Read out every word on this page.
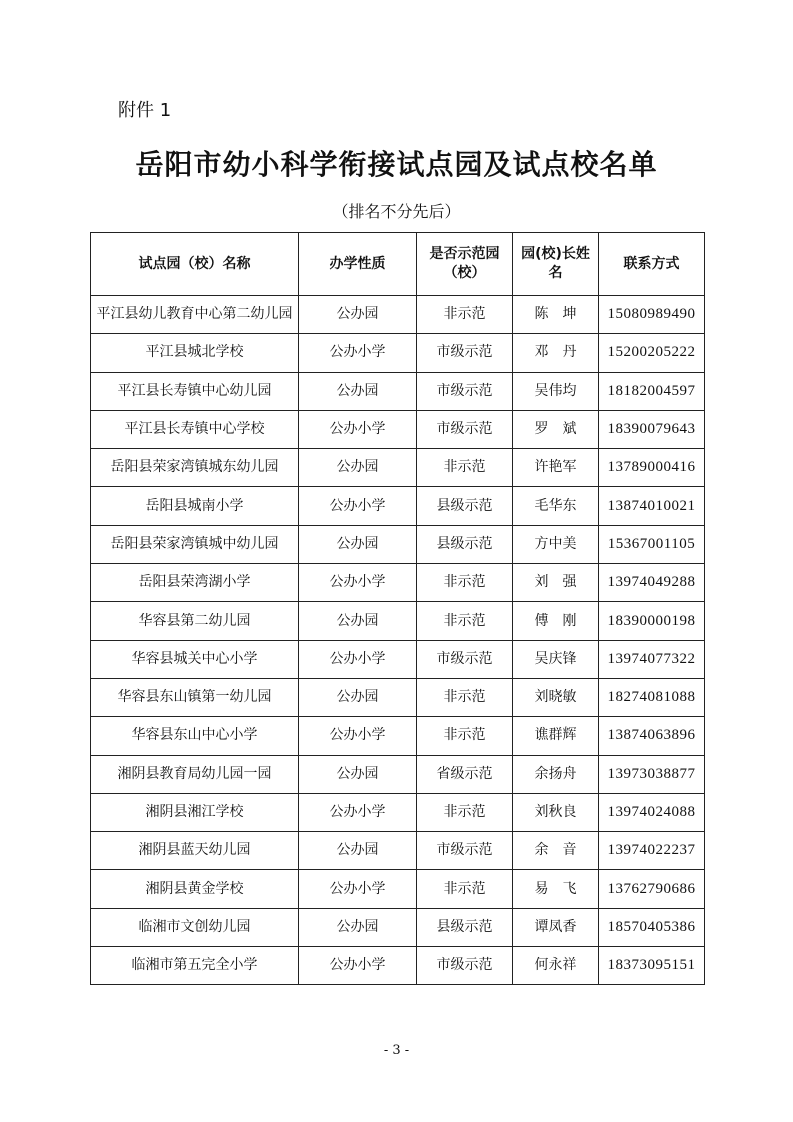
附件 1
岳阳市幼小科学衔接试点园及试点校名单
（排名不分先后）
试点园（校）名称	办学性质	是否示范园（校）	园(校)长姓名	联系方式
平江县幼儿教育中心第二幼儿园	公办园	非示范	陈　坤	15080989490
平江县城北学校	公办小学	市级示范	邓　丹	15200205222
平江县长寿镇中心幼儿园	公办园	市级示范	吴伟均	18182004597
平江县长寿镇中心学校	公办小学	市级示范	罗　斌	18390079643
岳阳县荣家湾镇城东幼儿园	公办园	非示范	许艳军	13789000416
岳阳县城南小学	公办小学	县级示范	毛华东	13874010021
岳阳县荣家湾镇城中幼儿园	公办园	县级示范	方中美	15367001105
岳阳县荣湾湖小学	公办小学	非示范	刘　强	13974049288
华容县第二幼儿园	公办园	非示范	傅　刚	18390000198
华容县城关中心小学	公办小学	市级示范	吴庆锋	13974077322
华容县东山镇第一幼儿园	公办园	非示范	刘晓敏	18274081088
华容县东山中心小学	公办小学	非示范	谯群辉	13874063896
湘阴县教育局幼儿园一园	公办园	省级示范	余扬舟	13973038877
湘阴县湘江学校	公办小学	非示范	刘秋良	13974024088
湘阴县蓝天幼儿园	公办园	市级示范	余　音	13974022237
湘阴县黄金学校	公办小学	非示范	易　飞	13762790686
临湘市文创幼儿园	公办园	县级示范	谭凤香	18570405386
临湘市第五完全小学	公办小学	市级示范	何永祥	18373095151
- 3 -
